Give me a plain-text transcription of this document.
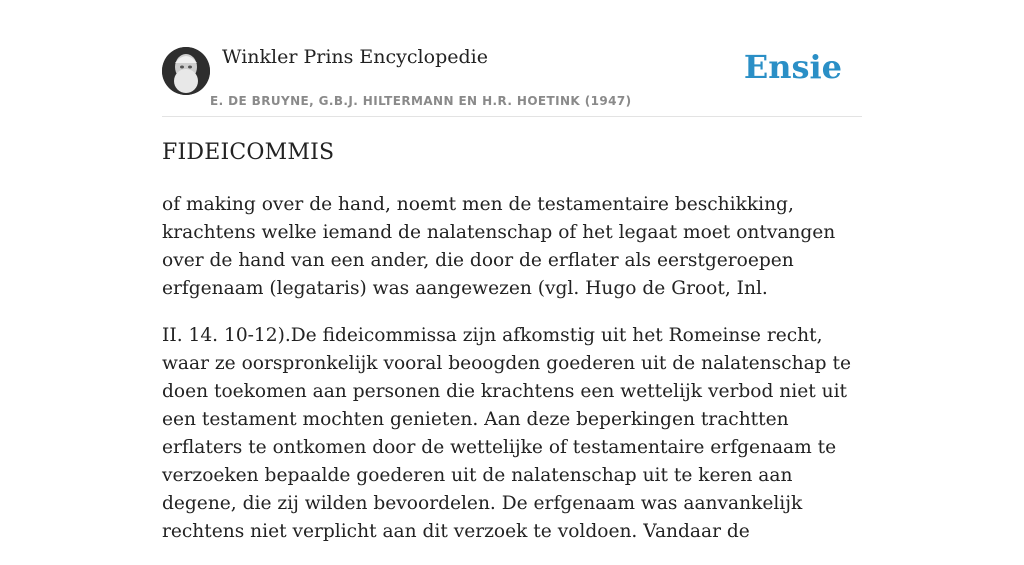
Winkler Prins Encyclopedie
E. DE BRUYNE, G.B.J. HILTERMANN EN H.R. HOETINK (1947)
Ensie
FIDEICOMMIS

of making over de hand, noemt men de testamentaire beschikking, krachtens welke iemand de nalatenschap of het legaat moet ontvangen over de hand van een ander, die door de erflater als eerstgeroepen erfgenaam (legataris) was aangewezen (vgl. Hugo de Groot, Inl.

II. 14. 10-12).De fideicommissa zijn afkomstig uit het Romeinse recht, waar ze oorspronkelijk vooral beoogden goederen uit de nalatenschap te doen toekomen aan personen die krachtens een wettelijk verbod niet uit een testament mochten genieten. Aan deze beperkingen trachtten erflaters te ontkomen door de wettelijke of testamentaire erfgenaam te verzoeken bepaalde goederen uit de nalatenschap uit te keren aan degene, die zij wilden bevoordelen. De erfgenaam was aanvankelijk rechtens niet verplicht aan dit verzoek te voldoen. Vandaar de
